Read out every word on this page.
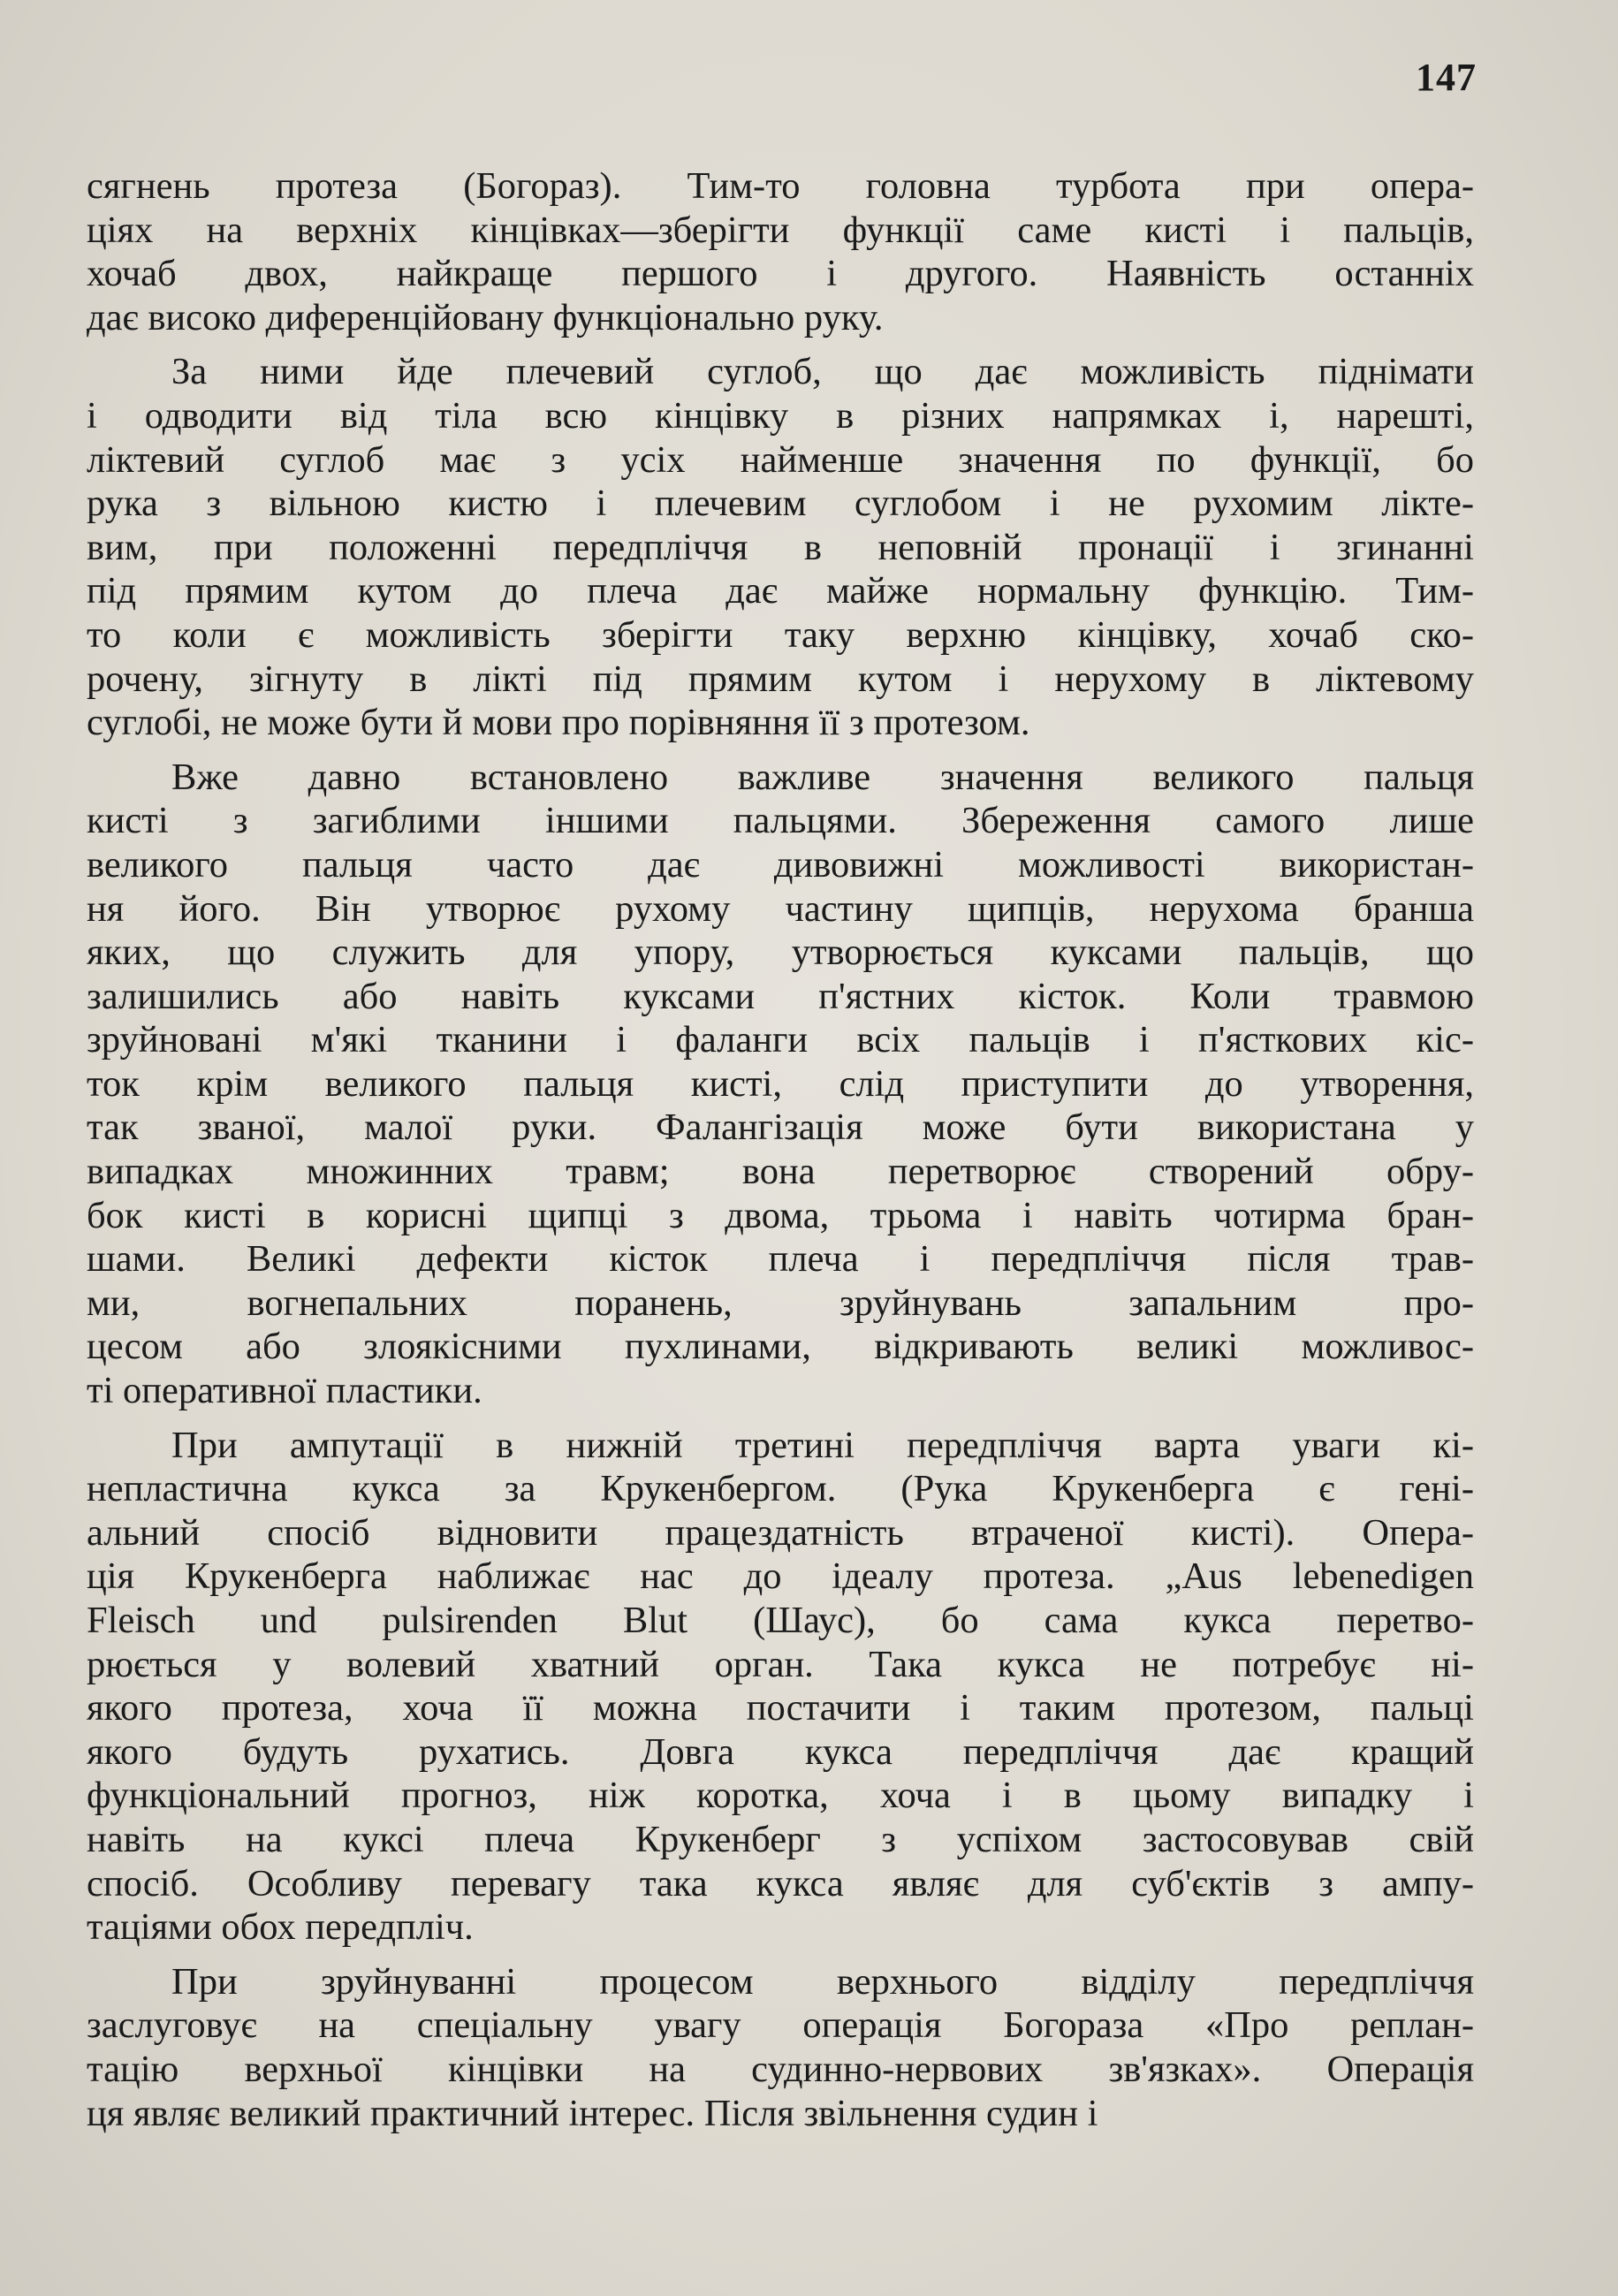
147
сягнень протеза (Богораз). Тим-то головна турбота при опера-
ціях на верхніх кінцівках—зберігти функції саме кисті і пальців,
хочаб двох, найкраще першого і другого. Наявність останніх
дає високо диференційовану функціонально руку.
За ними йде плечевий суглоб, що дає можливість піднімати
і одводити від тіла всю кінцівку в різних напрямках і, нарешті,
ліктевий суглоб має з усіх найменше значення по функції, бо
рука з вільною кистю і плечевим суглобом і не рухомим лікте-
вим, при положенні передпліччя в неповній пронації і згинанні
під прямим кутом до плеча дає майже нормальну функцію. Тим-
то коли є можливість зберігти таку верхню кінцівку, хочаб ско-
рочену, зігнуту в лікті під прямим кутом і нерухому в ліктевому
суглобі, не може бути й мови про порівняння її з протезом.
Вже давно встановлено важливе значення великого пальця
кисті з загиблими іншими пальцями. Збереження самого лише
великого пальця часто дає дивовижні можливості використан-
ня його. Він утворює рухому частину щипців, нерухома бранша
яких, що служить для упору, утворюється куксами пальців, що
залишились або навіть куксами п'ястних кісток. Коли травмою
зруйновані м'які тканини і фаланги всіх пальців і п'ясткових кіс-
ток крім великого пальця кисті, слід приступити до утворення,
так званої, малої руки. Фалангізація може бути використана у
випадках множинних травм; вона перетворює створений обру-
бок кисті в корисні щипці з двома, трьома і навіть чотирма бран-
шами. Великі дефекти кісток плеча і передпліччя після трав-
ми, вогнепальних поранень, зруйнувань запальним про-
цесом або злоякісними пухлинами, відкривають великі можливос-
ті оперативної пластики.
При ампутації в нижній третині передпліччя варта уваги кі-
непластична кукса за Крукенбергом. (Рука Крукенберга є гені-
альний спосіб відновити працездатність втраченої кисті). Опера-
ція Крукенберга наближає нас до ідеалу протеза. „Aus lebenedigen
Fleisch und pulsirenden Blut (Шаус), бо сама кукса перетво-
рюється у волевий хватний орган. Така кукса не потребує ні-
якого протеза, хоча її можна постачити і таким протезом, пальці
якого будуть рухатись. Довга кукса передпліччя дає кращий
функціональний прогноз, ніж коротка, хоча і в цьому випадку і
навіть на куксі плеча Крукенберг з успіхом застосовував свій
спосіб. Особливу перевагу така кукса являє для суб'єктів з ампу-
таціями обох передпліч.
При зруйнуванні процесом верхнього відділу передпліччя
заслуговує на спеціальну увагу операція Богораза «Про реплан-
тацію верхньої кінцівки на судинно-нервових зв'язках». Операція
ця являє великий практичний інтерес. Після звільнення судин і
